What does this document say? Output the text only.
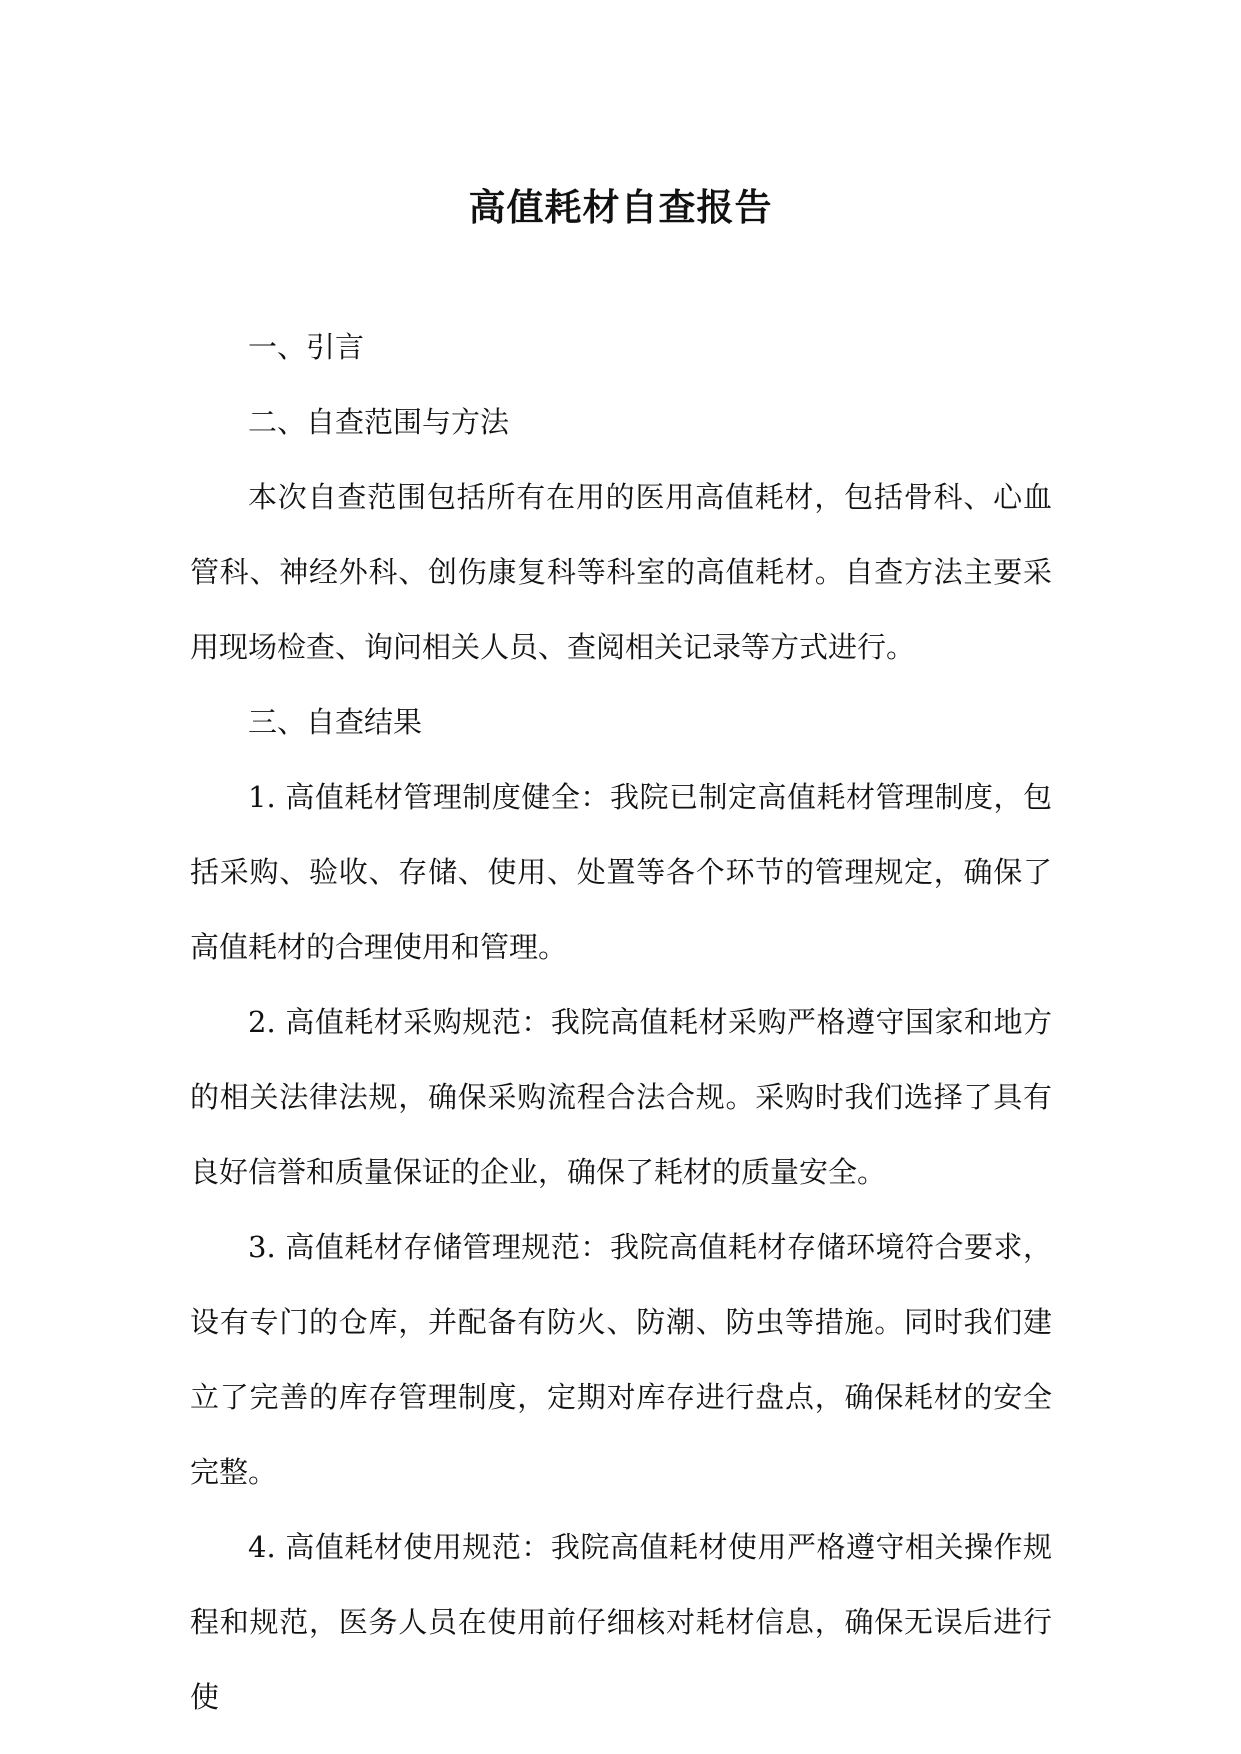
高值耗材自查报告

一、引言

二、自查范围与方法

本次自查范围包括所有在用的医用高值耗材，包括骨科、心血管科、神经外科、创伤康复科等科室的高值耗材。自查方法主要采用现场检查、询问相关人员、查阅相关记录等方式进行。

三、自查结果

1. 高值耗材管理制度健全：我院已制定高值耗材管理制度，包括采购、验收、存储、使用、处置等各个环节的管理规定，确保了高值耗材的合理使用和管理。

2. 高值耗材采购规范：我院高值耗材采购严格遵守国家和地方的相关法律法规，确保采购流程合法合规。采购时我们选择了具有良好信誉和质量保证的企业，确保了耗材的质量安全。

3. 高值耗材存储管理规范：我院高值耗材存储环境符合要求，设有专门的仓库，并配备有防火、防潮、防虫等措施。同时我们建立了完善的库存管理制度，定期对库存进行盘点，确保耗材的安全完整。

4. 高值耗材使用规范：我院高值耗材使用严格遵守相关操作规程和规范，医务人员在使用前仔细核对耗材信息，确保无误后进行使
